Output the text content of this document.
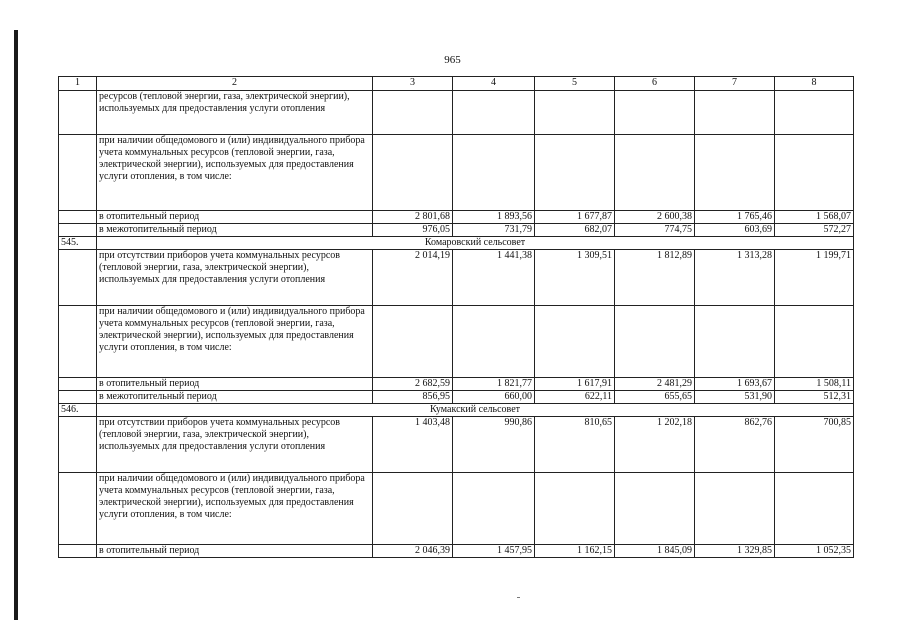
965
1	2	3	4	5	6	7	8
	ресурсов (тепловой энергии, газа, электрической энергии), используемых для предоставления услуги отопления						
	при наличии общедомового и (или) индивидуального прибора учета коммунальных ресурсов (тепловой энергии, газа, электрической энергии), используемых для предоставления услуги отопления, в том числе:						
	в отопительный период	2 801,68	1 893,56	1 677,87	2 600,38	1 765,46	1 568,07
	в межотопительный период	976,05	731,79	682,07	774,75	603,69	572,27
545.	Комаровский сельсовет						
	при отсутствии приборов учета коммунальных ресурсов (тепловой энергии, газа, электрической энергии), используемых для предоставления услуги отопления	2 014,19	1 441,38	1 309,51	1 812,89	1 313,28	1 199,71
	при наличии общедомового и (или) индивидуального прибора учета коммунальных ресурсов (тепловой энергии, газа, электрической энергии), используемых для предоставления услуги отопления, в том числе:						
	в отопительный период	2 682,59	1 821,77	1 617,91	2 481,29	1 693,67	1 508,11
	в межотопительный период	856,95	660,00	622,11	655,65	531,90	512,31
546.	Кумакский сельсовет						
	при отсутствии приборов учета коммунальных ресурсов (тепловой энергии, газа, электрической энергии), используемых для предоставления услуги отопления	1 403,48	990,86	810,65	1 202,18	862,76	700,85
	при наличии общедомового и (или) индивидуального прибора учета коммунальных ресурсов (тепловой энергии, газа, электрической энергии), используемых для предоставления услуги отопления, в том числе:						
	в отопительный период	2 046,39	1 457,95	1 162,15	1 845,09	1 329,85	1 052,35
